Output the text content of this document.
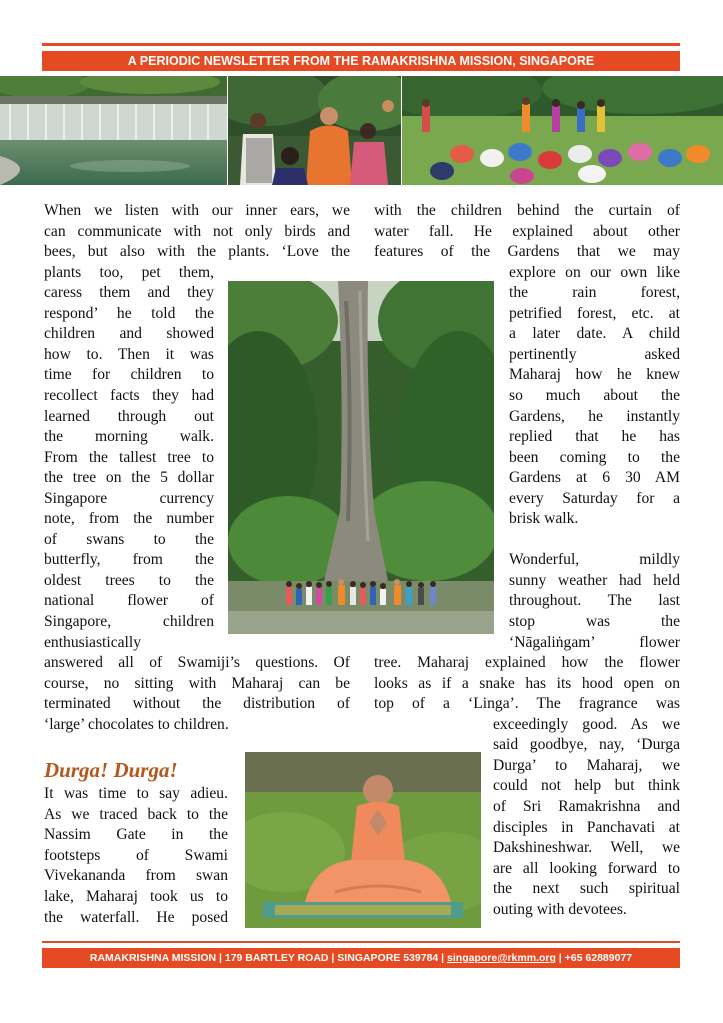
A PERIODIC NEWSLETTER FROM THE RAMAKRISHNA MISSION, SINGAPORE
When we listen with our inner ears, we
can communicate with not only birds and
bees, but also with the plants. ‘Love the
plants too, pet them,
caress them and they
respond’ he told the
children and showed
how to. Then it was
time for children to
recollect facts they had
learned through out
the morning walk.
From the tallest tree to
the tree on the 5 dollar
Singapore currency
note, from the number
of swans to the
butterfly, from the
oldest trees to the
national flower of
Singapore, children
enthusiastically
answered all of Swamiji’s questions. Of
course, no sitting with Maharaj can be
terminated without the distribution of
‘large’ chocolates to children.
with the children behind the curtain of
water fall. He explained about other
features of the Gardens that we may
explore on our own like
the rain forest,
petrified forest, etc. at
a later date. A child
pertinently asked
Maharaj how he knew
so much about the
Gardens, he instantly
replied that he has
been coming to the
Gardens at 6 30 AM
every Saturday for a
brisk walk.
Wonderful, mildly
sunny weather had held
throughout. The last
stop was the
‘Nāgaliṅgam’ flower
tree. Maharaj explained how the flower
looks as if a snake has its hood open on
top of a ‘Linga’. The fragrance was
exceedingly good. As we
said goodbye, nay, ‘Durga
Durga’ to Maharaj, we
could not help but think
of Sri Ramakrishna and
disciples in Panchavati at
Dakshineshwar. Well, we
are all looking forward to
the next such spiritual
outing with devotees.
Durga! Durga!
It was time to say adieu.
As we traced back to the
Nassim Gate in the
footsteps of Swami
Vivekananda from swan
lake, Maharaj took us to
the waterfall. He posed
RAMAKRISHNA MISSION | 179 BARTLEY ROAD | SINGAPORE 539784 | singapore@rkmm.org | +65 62889077
